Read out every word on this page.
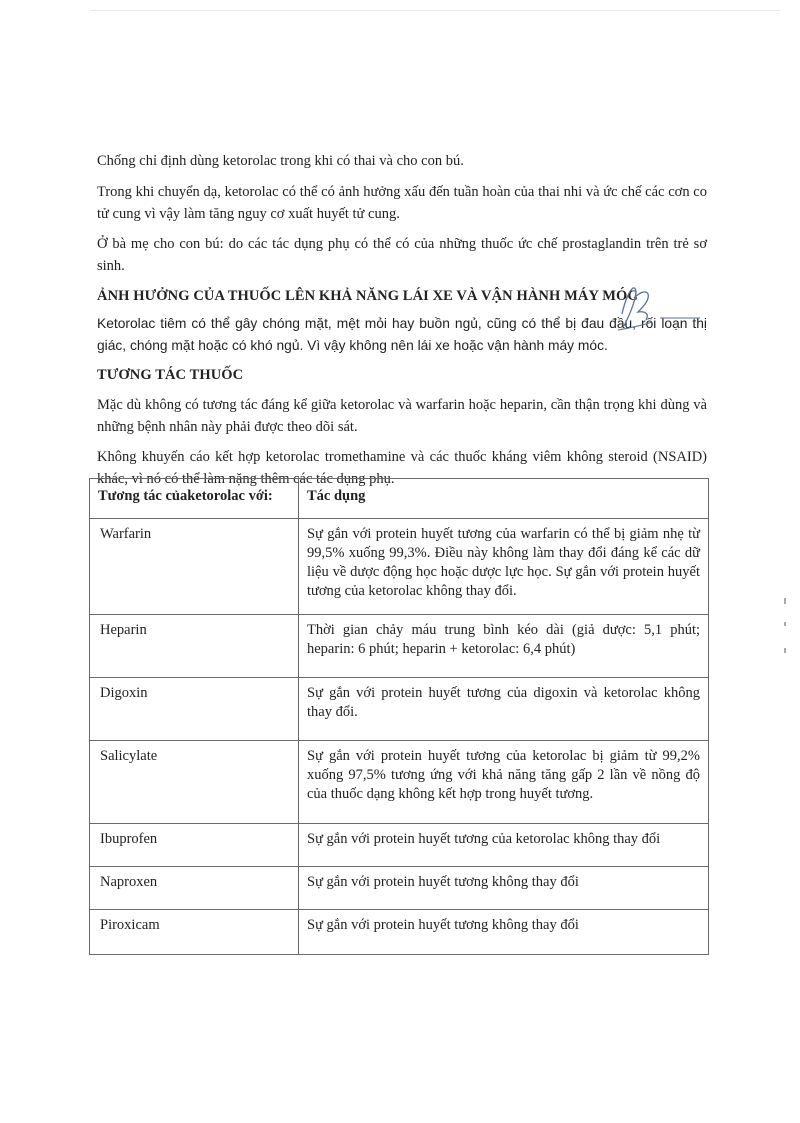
Chống chỉ định dùng ketorolac trong khi có thai và cho con bú.

Trong khi chuyển dạ, ketorolac có thể có ảnh hưởng xấu đến tuần hoàn của thai nhi và ức chế các cơn co tử cung vì vậy làm tăng nguy cơ xuất huyết tử cung.

Ở bà mẹ cho con bú: do các tác dụng phụ có thể có của những thuốc ức chế prostaglandin trên trẻ sơ sinh.

ẢNH HƯỞNG CỦA THUỐC LÊN KHẢ NĂNG LÁI XE VÀ VẬN HÀNH MÁY MÓC

Ketorolac tiêm có thể gây chóng mặt, mệt mỏi hay buồn ngủ, cũng có thể bị đau đầu, rối loạn thị giác, chóng mặt hoặc có khó ngủ. Vì vậy không nên lái xe hoặc vận hành máy móc.

TƯƠNG TÁC THUỐC

Mặc dù không có tương tác đáng kể giữa ketorolac và warfarin hoặc heparin, cần thận trọng khi dùng và những bệnh nhân này phải được theo dõi sát.

Không khuyến cáo kết hợp ketorolac tromethamine và các thuốc kháng viêm không steroid (NSAID) khác, vì nó có thể làm nặng thêm các tác dụng phụ.

Tương tác củaketorolac với:	Tác dụng
Warfarin	Sự gắn với protein huyết tương của warfarin có thể bị giảm nhẹ từ 99,5% xuống 99,3%. Điều này không làm thay đổi đáng kể các dữ liệu về dược động học hoặc dược lực học. Sự gắn với protein huyết tương của ketorolac không thay đổi.
Heparin	Thời gian chảy máu trung bình kéo dài (giả dược: 5,1 phút; heparin: 6 phút; heparin + ketorolac: 6,4 phút)
Digoxin	Sự gắn với protein huyết tương của digoxin và ketorolac không thay đổi.
Salicylate	Sự gắn với protein huyết tương của ketorolac bị giảm từ 99,2% xuống 97,5% tương ứng với khả năng tăng gấp 2 lần về nồng độ của thuốc dạng không kết hợp trong huyết tương.
Ibuprofen	Sự gắn với protein huyết tương của ketorolac không thay đổi
Naproxen	Sự gắn với protein huyết tương không thay đổi
Piroxicam	Sự gắn với protein huyết tương không thay đổi
